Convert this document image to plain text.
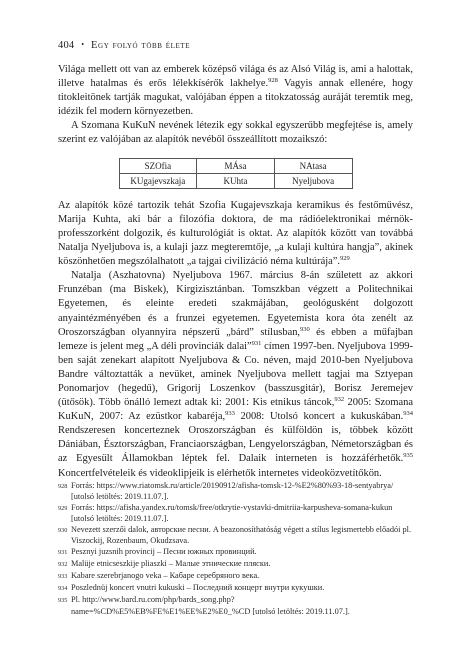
404 • Egy folyó több élete

Világa mellett ott van az emberek középső világa és az Alsó Világ is, ami a halottak, illetve hatalmas és erős lélekkísérők lakhelye.$^{928}$ Vagyis annak ellenére, hogy titokleitönek tartják magukat, valójában éppen a titokzatosság auráját teremtik meg, idézik fel modern környezetben.

A Szomana KuKuN nevének létezik egy sokkal egyszerűbb megfejtése is, amely szerint ez valójában az alapítók nevéből összeállított mozaikszó:

SZOfia	MÁsa	NAtasa
KUgajevszkaja	KUhta	Nyeljubova

Az alapítók közé tartozik tehát Szofia Kugajevszkaja keramikus és festőművész, Marija Kuhta, aki bár a filozófia doktora, de ma rádióelektronikai mérnök-professzorként dolgozik, és kulturológiát is oktat. Az alapítók között van továbbá Natalja Nyeljubova is, a kulaji jazz megteremtője, „a kulaji kultúra hangja”, akinek köszönhetően megszólalhatott „a tajgai civilizáció néma kultúrája”.$^{929}$

Natalja (Aszhatovna) Nyeljubova 1967. március 8-án született az akkori Frunzéban (ma Biskek), Kirgizisztánban. Tomszkban végzett a Politechnikai Egyetemen, és eleinte eredeti szakmájában, geológusként dolgozott anyaintézményében és a frunzei egyetemen. Egyetemista kora óta zenélt az Oroszországban olyannyira népszerű „bárd” stílusban,$^{930}$ és ebben a műfajban lemeze is jelent meg „A déli provinciák dalai”$^{931}$ címen 1997-ben. Nyeljubova 1999-ben saját zenekart alapított Nyeljubova & Co. néven, majd 2010-ben Nyeljubova Bandre változtatták a nevüket, aminek Nyeljubova mellett tagjai ma Sztyepan Ponomarjov (hegedű), Grigorij Loszenkov (basszusgitár), Borisz Jeremejev (ütősök). Több önálló lemezt adtak ki: 2001: Kis etnikus táncok,$^{932}$ 2005: Szomana KuKuN, 2007: Az ezüstkor kabaréja,$^{933}$ 2008: Utolsó koncert a kukuskában.$^{934}$ Rendszeresen koncerteznek Oroszországban és külföldön is, többek között Dániában, Észtországban, Franciaországban, Lengyelországban, Németországban és az Egyesült Államokban léptek fel. Dalaik interneten is hozzáférhetők.$^{935}$ Koncertfelvételeik és videoklipjeik is elérhetők internetes videoközvetítőkön.

928 Forrás: https://www.riatomsk.ru/article/20190912/afisha-tomsk-12-%E2%80%93-18-sentyabrya/ [utolsó letöltés: 2019.11.07.].
929 Forrás: https://afisha.yandex.ru/tomsk/free/otkrytie-vystavki-dmitriia-karpusheva-somana-kukun [utolsó letöltés: 2019.11.07.].
930 Nevezett szerzői dalok, авторские песни. A beazonosíthatóság végett a stílus legismertebb előadói pl. Viszockij, Rozenbaum, Okudzsava.
931 Pesznyi juzsnih provincij – Песни южных провинций.
932 Malüje etnicseszkije pliaszki – Малые этнические пляски.
933 Kabare szerebrjanogo veka – Кабаре серебряного века.
934 Poszlednüj koncert vnutri kukuski – Последний концерт внутри кукушки.
935 Pl. http://www.bard.ru.com/php/bards_song.php?name=%CD%E5%EB%FE%E1%EE%E2%E0_%CD [utolsó letöltés: 2019.11.07.].
